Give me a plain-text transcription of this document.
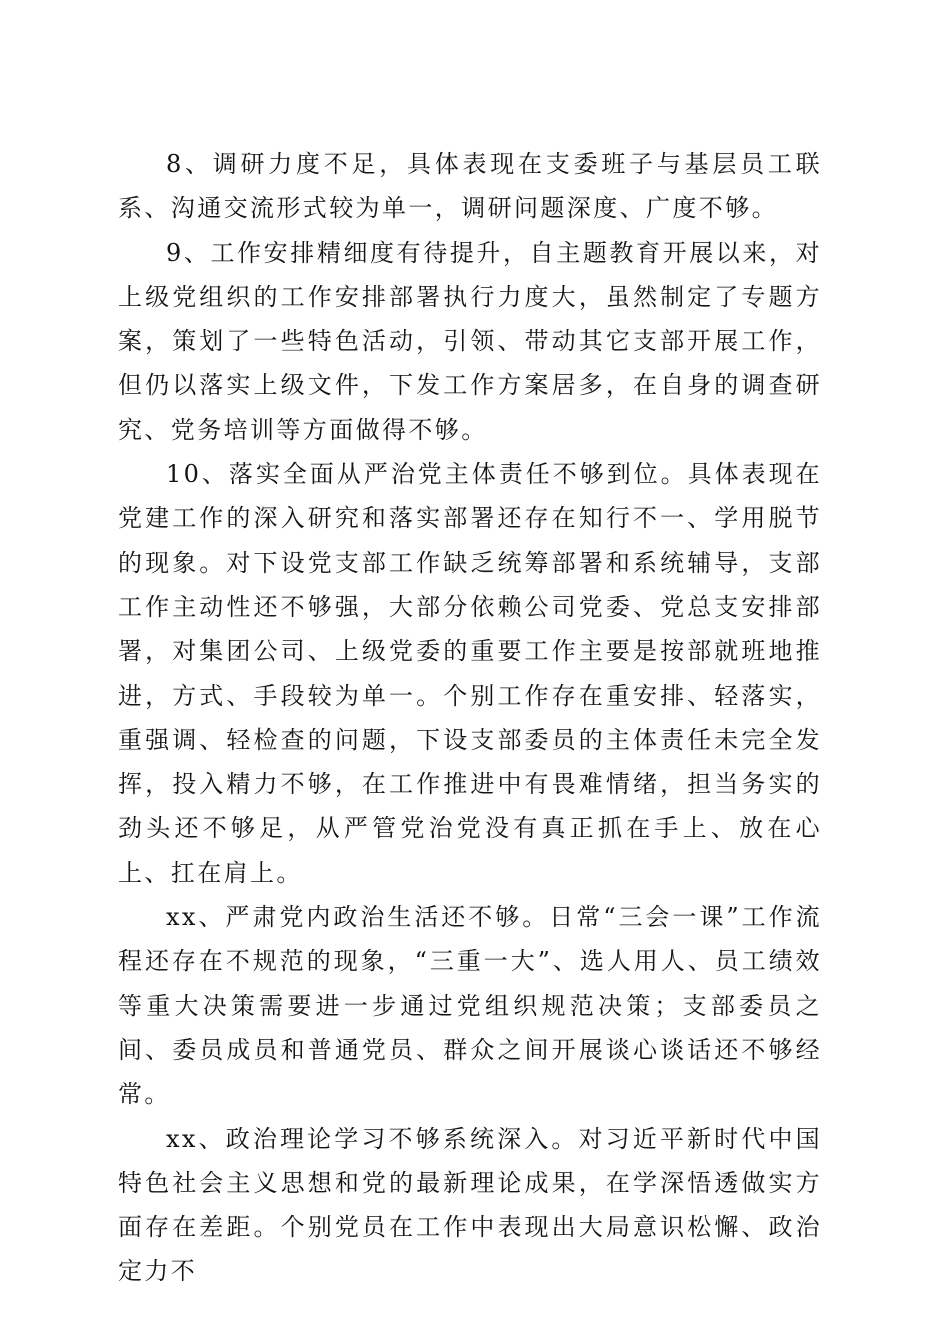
8、调研力度不足，具体表现在支委班子与基层员工联系、沟通交流形式较为单一，调研问题深度、广度不够。

9、工作安排精细度有待提升，自主题教育开展以来，对上级党组织的工作安排部署执行力度大，虽然制定了专题方案，策划了一些特色活动，引领、带动其它支部开展工作，但仍以落实上级文件，下发工作方案居多，在自身的调查研究、党务培训等方面做得不够。

10、落实全面从严治党主体责任不够到位。具体表现在党建工作的深入研究和落实部署还存在知行不一、学用脱节的现象。对下设党支部工作缺乏统筹部署和系统辅导，支部工作主动性还不够强，大部分依赖公司党委、党总支安排部署，对集团公司、上级党委的重要工作主要是按部就班地推进，方式、手段较为单一。个别工作存在重安排、轻落实，重强调、轻检查的问题，下设支部委员的主体责任未完全发挥，投入精力不够，在工作推进中有畏难情绪，担当务实的劲头还不够足，从严管党治党没有真正抓在手上、放在心上、扛在肩上。

xx、严肃党内政治生活还不够。日常“三会一课”工作流程还存在不规范的现象，“三重一大”、选人用人、员工绩效等重大决策需要进一步通过党组织规范决策；支部委员之间、委员成员和普通党员、群众之间开展谈心谈话还不够经常。

xx、政治理论学习不够系统深入。对习近平新时代中国特色社会主义思想和党的最新理论成果，在学深悟透做实方面存在差距。个别党员在工作中表现出大局意识松懈、政治定力不
